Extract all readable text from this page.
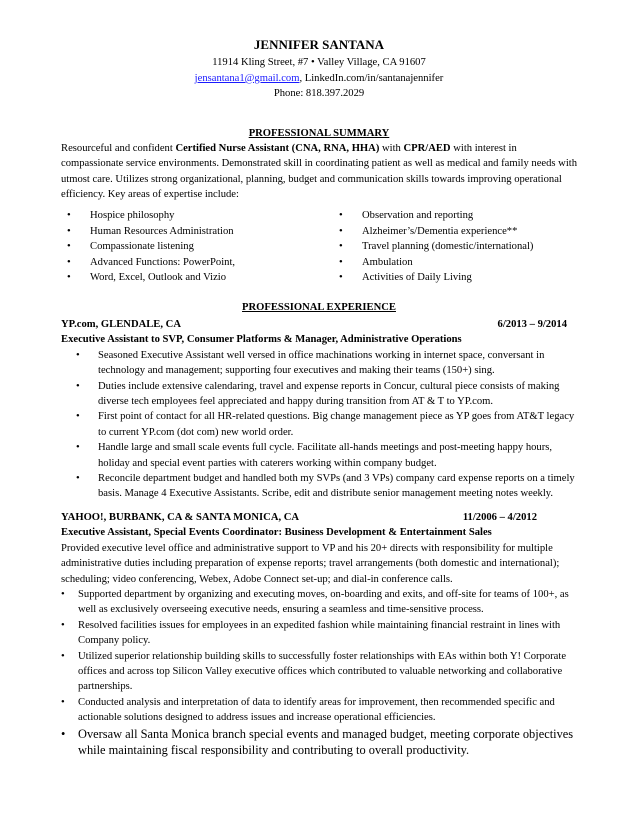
JENNIFER SANTANA
11914 Kling Street, #7 • Valley Village, CA 91607
jensantana1@gmail.com, LinkedIn.com/in/santanajennifer
Phone: 818.397.2029
PROFESSIONAL SUMMARY
Resourceful and confident Certified Nurse Assistant (CNA, RNA, HHA) with CPR/AED with interest in compassionate service environments. Demonstrated skill in coordinating patient as well as medical and family needs with utmost care. Utilizes strong organizational, planning, budget and communication skills towards improving operational efficiency. Key areas of expertise include:
• Hospice philosophy
• Human Resources Administration
• Compassionate listening
• Advanced Functions: PowerPoint,
• Word, Excel, Outlook and Vizio
• Observation and reporting
• Alzheimer’s/Dementia experience**
• Travel planning (domestic/international)
• Ambulation
• Activities of Daily Living
PROFESSIONAL EXPERIENCE
YP.com, GLENDALE, CA	6/2013 – 9/2014
Executive Assistant to SVP, Consumer Platforms & Manager, Administrative Operations
• Seasoned Executive Assistant well versed in office machinations working in internet space, conversant in technology and management; supporting four executives and making their teams (150+) sing.
• Duties include extensive calendaring, travel and expense reports in Concur, cultural piece consists of making diverse tech employees feel appreciated and happy during transition from AT & T to YP.com.
• First point of contact for all HR-related questions. Big change management piece as YP goes from AT&T legacy to current YP.com (dot com) new world order.
• Handle large and small scale events full cycle. Facilitate all-hands meetings and post-meeting happy hours, holiday and special event parties with caterers working within company budget.
• Reconcile department budget and handled both my SVPs (and 3 VPs) company card expense reports on a timely basis. Manage 4 Executive Assistants. Scribe, edit and distribute senior management meeting notes weekly.
YAHOO!, BURBANK, CA & SANTA MONICA, CA	11/2006 – 4/2012
Executive Assistant, Special Events Coordinator: Business Development & Entertainment Sales
Provided executive level office and administrative support to VP and his 20+ directs with responsibility for multiple administrative duties including preparation of expense reports; travel arrangements (both domestic and international); scheduling; video conferencing, Webex, Adobe Connect set-up; and dial-in conference calls.
• Supported department by organizing and executing moves, on-boarding and exits, and off-site for teams of 100+, as well as exclusively overseeing executive needs, ensuring a seamless and time-sensitive process.
• Resolved facilities issues for employees in an expedited fashion while maintaining financial restraint in lines with Company policy.
• Utilized superior relationship building skills to successfully foster relationships with EAs within both Y! Corporate offices and across top Silicon Valley executive offices which contributed to valuable networking and collaborative partnerships.
• Conducted analysis and interpretation of data to identify areas for improvement, then recommended specific and actionable solutions designed to address issues and increase operational efficiencies.
• Oversaw all Santa Monica branch special events and managed budget, meeting corporate objectives while maintaining fiscal responsibility and contributing to overall productivity.
